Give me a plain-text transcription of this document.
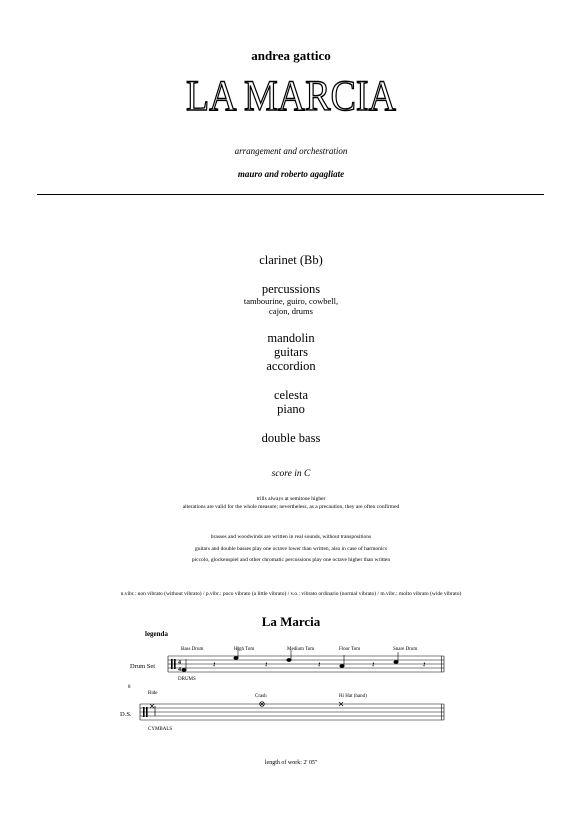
andrea gattico
LA MARCIA
arrangement and orchestration
mauro and roberto agagliate
clarinet (Bb)
percussions
tambourine, guiro, cowbell,
cajon, drums
mandolin
guitars
accordion
celesta
piano
double bass
score in C
trills always at semitone higher
alterations are valid for the whole measure; nevertheless, as a precaution, they are often confirmed
brasses and woodwinds are written in real sounds, without transpositions
guitars and double basses play one octave lower than written, also in case of harmonics
piccolo, glockenspiel and other chromatic percussions play one octave higher than written
n.vibr.: non vibrato (without vibrato) / p.vibr.: poco vibrato (a little vibrato) / v.o.: vibrato ordinario (normal vibrato) / m.vibr.: molto vibrato (wide vibrato)
La Marcia
legenda
Drum Set	4
4
DRUMS
Bass Drum	High Tom	Medium Tom	Floor Tom	Snare Drum
𝄽	𝄽	𝄽	𝄽	𝄽
8
Ride
Crash	Hi Hat (hand)
D.S.
CYMBALS
length of work: 2' 05''
